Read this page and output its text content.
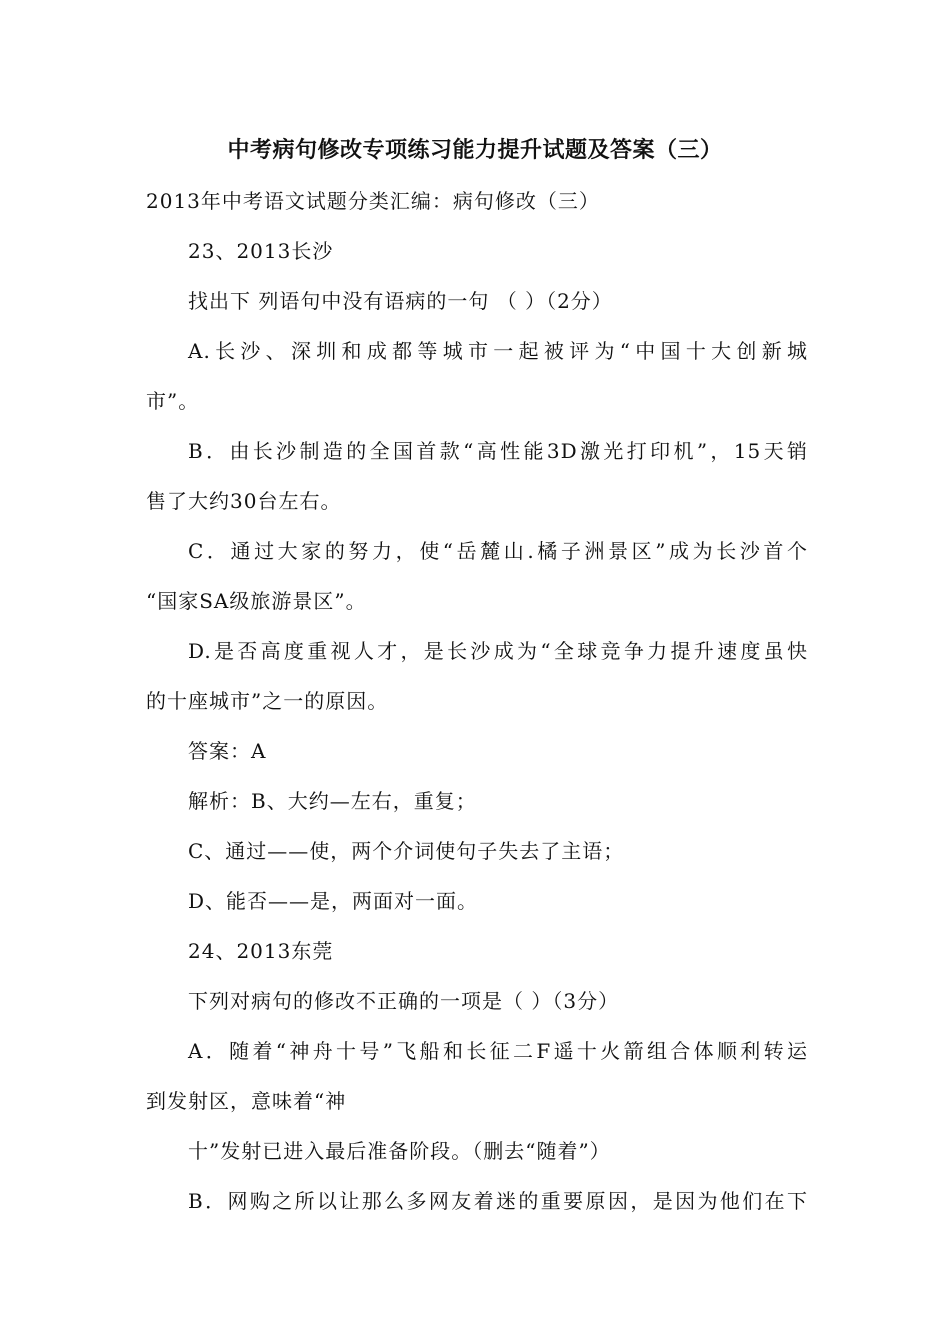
中考病句修改专项练习能力提升试题及答案（三）
2013年中考语文试题分类汇编：病句修改（三）
23、2013长沙
找出下 列语句中没有语病的一句 （ ）（2分）
A.长沙、深圳和成都等城市一起被评为“中国十大创新城
市”。
B．由长沙制造的全国首款“高性能3D激光打印机”，15天销
售了大约30台左右。
C．通过大家的努力，使“岳麓山.橘子洲景区”成为长沙首个
“国家SA级旅游景区”。
D.是否高度重视人才，是长沙成为“全球竞争力提升速度虽快
的十座城市”之一的原因。
答案：A
解析：B、大约—左右，重复；
C、通过——使，两个介词使句子失去了主语；
D、能否——是，两面对一面。
24、2013东莞
下列对病句的修改不正确的一项是（ ）（3分）
A．随着“神舟十号”飞船和长征二F遥十火箭组合体顺利转运
到发射区，意味着“神
十”发射已进入最后准备阶段。（删去“随着”）
B．网购之所以让那么多网友着迷的重要原因，是因为他们在下
